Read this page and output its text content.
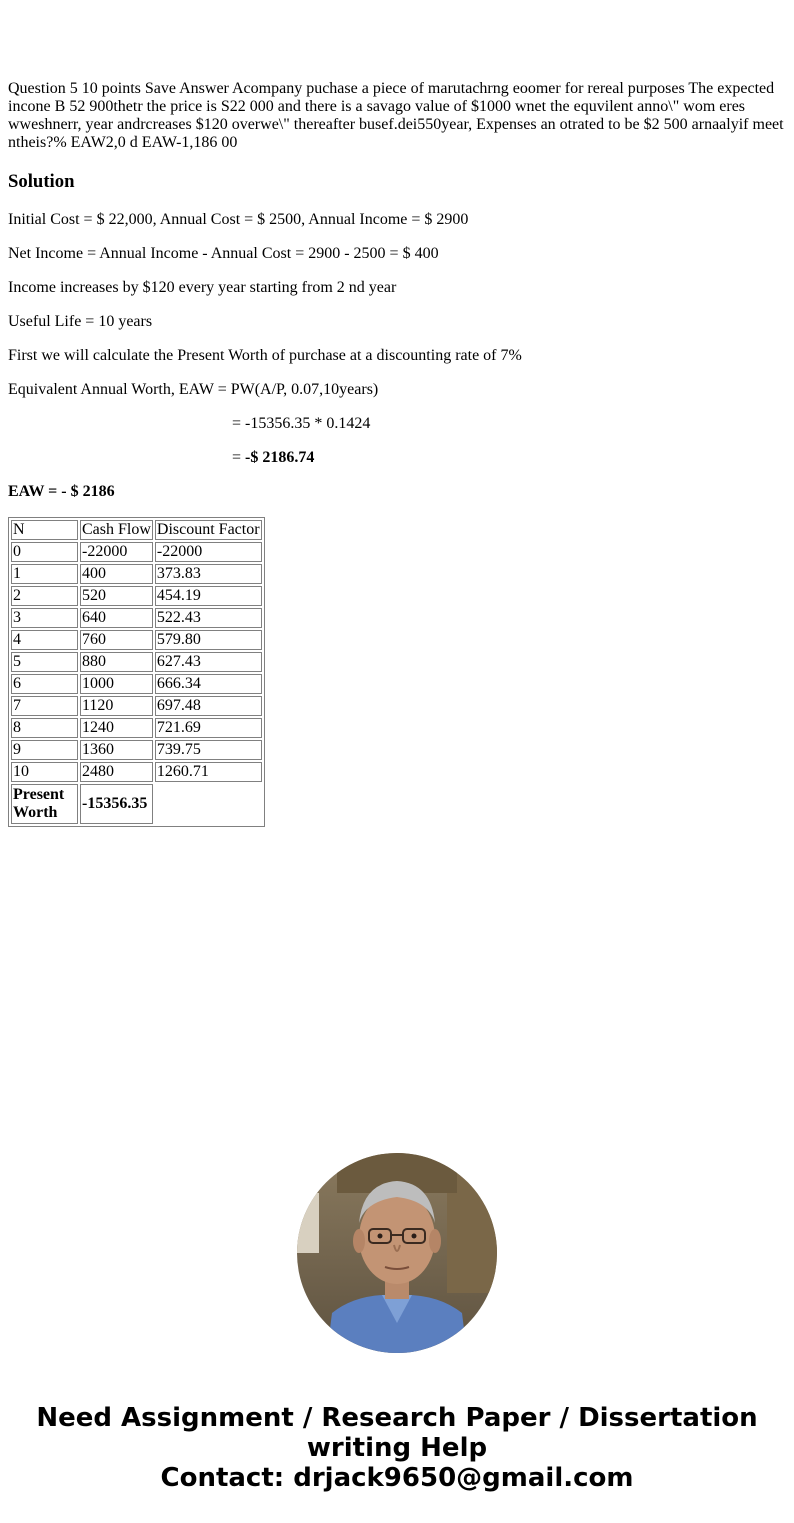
Question 5 10 points Save Answer Acompany puchase a piece of marutachrng eoomer for rereal purposes The expected incone B 52 900thetr the price is S22 000 and there is a savago value of $1000 wnet the equvilent anno\" wom eres wweshnerr, year andrcreases $120 overwe\" thereafter busef.dei550year, Expenses an otrated to be $2 500 arnaalyif meet ntheis?% EAW2,0 d EAW-1,186 00

Solution

Initial Cost = $ 22,000, Annual Cost = $ 2500, Annual Income = $ 2900

Net Income = Annual Income - Annual Cost = 2900 - 2500 = $ 400

Income increases by $120 every year starting from 2 nd year

Useful Life = 10 years

First we will calculate the Present Worth of purchase at a discounting rate of 7%

Equivalent Annual Worth, EAW = PW(A/P, 0.07,10years)

= -15356.35 * 0.1424

= -$ 2186.74

EAW = - $ 2186

N	Cash Flow	Discount Factor
0	-22000	-22000
1	400	373.83
2	520	454.19
3	640	522.43
4	760	579.80
5	880	627.43
6	1000	666.34
7	1120	697.48
8	1240	721.69
9	1360	739.75
10	2480	1260.71
Present Worth	-15356.35	
Need Assignment / Research Paper / Dissertation
writing Help
Contact: drjack9650@gmail.com
